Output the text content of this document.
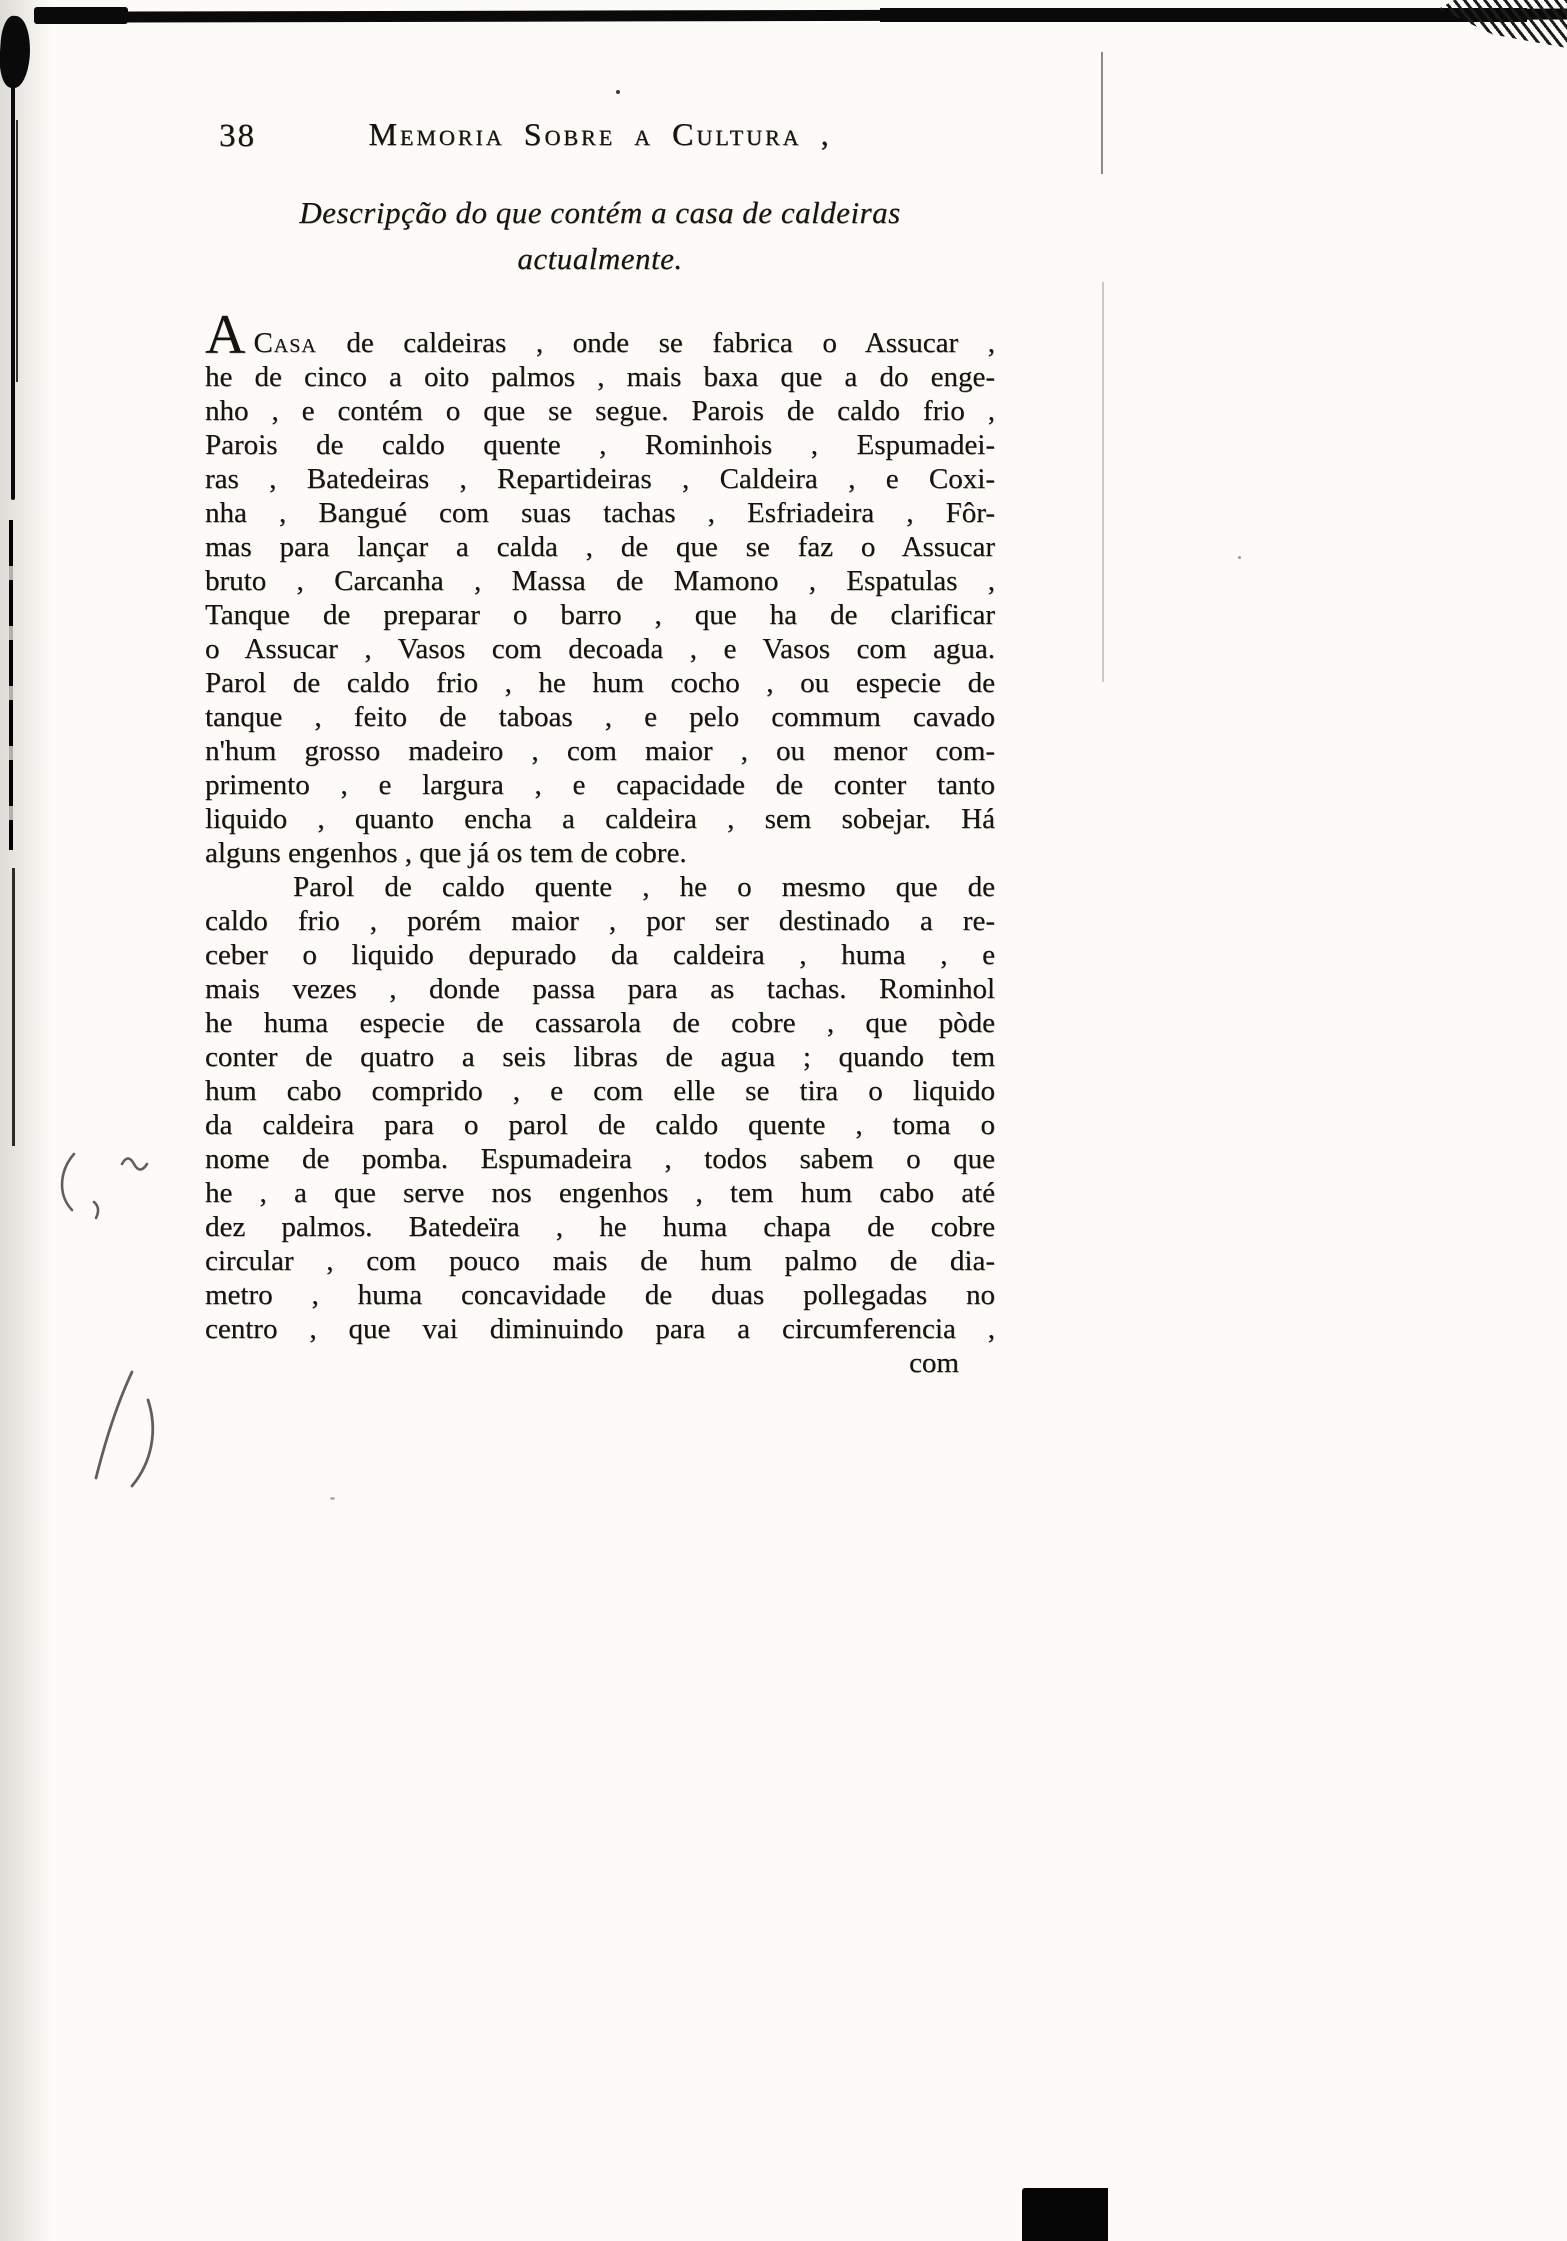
38	Memoria Sobre a Cultura ,
Descripção do que contém a casa de caldeiras
actualmente.
A Casa de caldeiras , onde se fabrica o Assucar ,
he de cinco a oito palmos , mais baxa que a do enge-
nho , e contém o que se segue. Parois de caldo frio ,
Parois de caldo quente , Rominhois , Espumadei-
ras , Batedeiras , Repartideiras , Caldeira , e Coxi-
nha , Bangué com suas tachas , Esfriadeira , Fôr-
mas para lançar a calda , de que se faz o Assucar
bruto , Carcanha , Massa de Mamono , Espatulas ,
Tanque de preparar o barro , que ha de clarificar
o Assucar , Vasos com decoada , e Vasos com agua.
Parol de caldo frio , he hum cocho , ou especie de
tanque , feito de taboas , e pelo commum cavado
n'hum grosso madeiro , com maior , ou menor com-
primento , e largura , e capacidade de conter tanto
liquido , quanto encha a caldeira , sem sobejar. Há
alguns engenhos , que já os tem de cobre.
Parol de caldo quente , he o mesmo que de
caldo frio , porém maior , por ser destinado a re-
ceber o liquido depurado da caldeira , huma , e
mais vezes , donde passa para as tachas. Rominhol
he huma especie de cassarola de cobre , que pòde
conter de quatro a seis libras de agua ; quando tem
hum cabo comprido , e com elle se tira o liquido
da caldeira para o parol de caldo quente , toma o
nome de pomba. Espumadeira , todos sabem o que
he , a que serve nos engenhos , tem hum cabo até
dez palmos. Batedeïra , he huma chapa de cobre
circular , com pouco mais de hum palmo de dia-
metro , huma concavidade de duas pollegadas no
centro , que vai diminuindo para a circumferencia ,
com
